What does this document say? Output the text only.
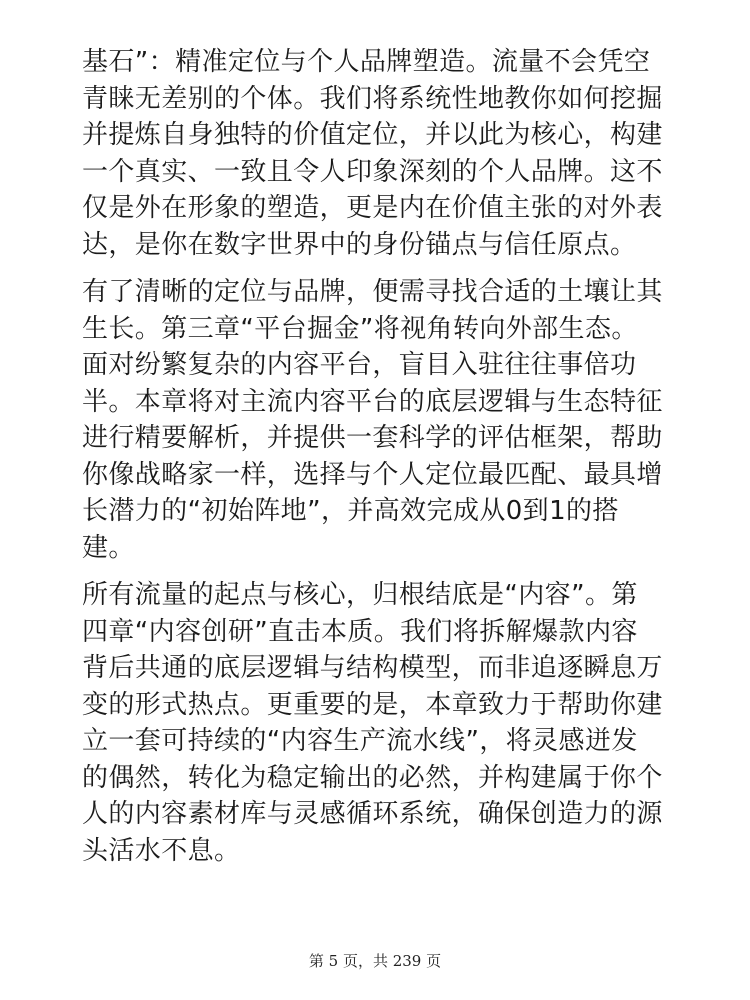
基石”：精准定位与个人品牌塑造。流量不会凭空
青睐无差别的个体。我们将系统性地教你如何挖掘
并提炼自身独特的价值定位，并以此为核心，构建
一个真实、一致且令人印象深刻的个人品牌。这不
仅是外在形象的塑造，更是内在价值主张的对外表
达，是你在数字世界中的身份锚点与信任原点。

有了清晰的定位与品牌，便需寻找合适的土壤让其
生长。第三章“平台掘金”将视角转向外部生态。
面对纷繁复杂的内容平台，盲目入驻往往事倍功
半。本章将对主流内容平台的底层逻辑与生态特征
进行精要解析，并提供一套科学的评估框架，帮助
你像战略家一样，选择与个人定位最匹配、最具增
长潜力的“初始阵地”，并高效完成从0到1的搭
建。

所有流量的起点与核心，归根结底是“内容”。第
四章“内容创研”直击本质。我们将拆解爆款内容
背后共通的底层逻辑与结构模型，而非追逐瞬息万
变的形式热点。更重要的是，本章致力于帮助你建
立一套可持续的“内容生产流水线”，将灵感迸发
的偶然，转化为稳定输出的必然，并构建属于你个
人的内容素材库与灵感循环系统，确保创造力的源
头活水不息。

第 5 页，共 239 页
